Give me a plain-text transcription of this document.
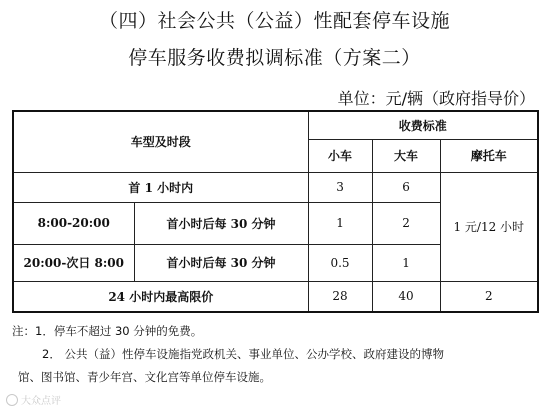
（四）社会公共（公益）性配套停车设施
停车服务收费拟调标准（方案二）
单位：元/辆（政府指导价）
车型及时段		收费标准		
		小车	大车	摩托车
首 1 小时内		3	6	1 元/12 小时
8:00-20:00	首小时后每 30 分钟	1	2	
20:00-次日 8:00	首小时后每 30 分钟	0.5	1	
24 小时内最高限价		28	40	2
注：1．停车不超过 30 分钟的免费。
2． 公共（益）性停车设施指党政机关、事业单位、公办学校、政府建设的博物
馆、图书馆、青少年宫、文化宫等单位停车设施。
大众点评
